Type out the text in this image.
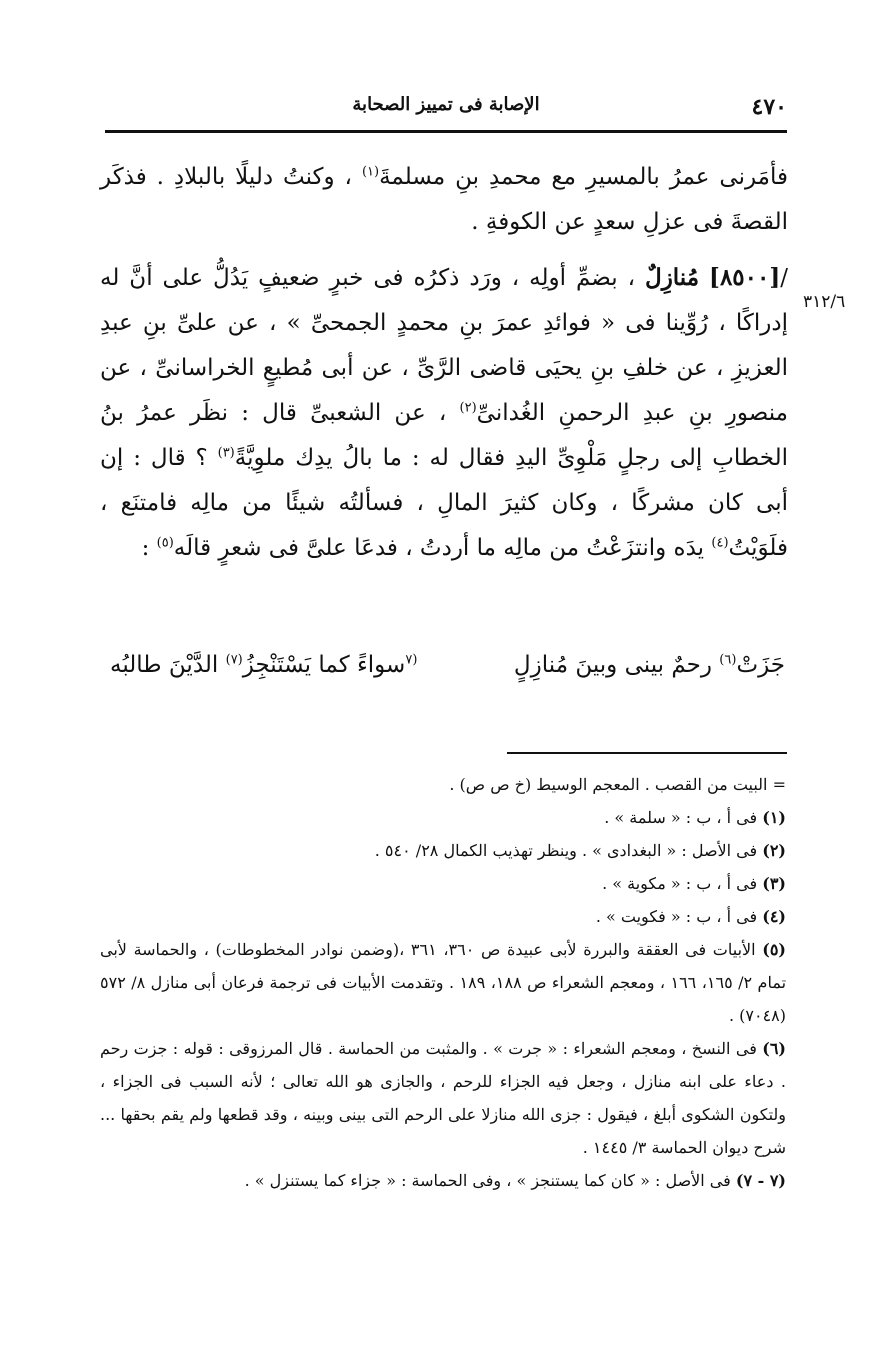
٤٧٠
الإصابة فى تمييز الصحابة
٣١٢/٦

فأمَرنى عمرُ بالمسيرِ مع محمدِ بنِ مسلمةَ$^{(١)}$ ، وكنتُ دليلًا بالبلادِ . فذكَر القصةَ فى عزلِ سعدٍ عن الكوفةِ .

/[٨٥٠٠] مُنازِلٌ ، بضمِّ أولِه ، ورَد ذكرُه فى خبرٍ ضعيفٍ يَدُلُّ على أنَّ له إدراكًا ، رُوِّينا فى « فوائدِ عمرَ بنِ محمدٍ الجمحىِّ » ، عن علىِّ بنِ عبدِ العزيزِ ، عن خلفِ بنِ يحيَى قاضى الرَّىِّ ، عن أبى مُطيعٍ الخراسانىِّ ، عن منصورِ بنِ عبدِ الرحمنِ الغُدانىِّ$^{(٢)}$ ، عن الشعبىِّ قال : نظَر عمرُ بنُ الخطابِ إلى رجلٍ مَلْوِىِّ اليدِ فقال له : ما بالُ يدِك ملوِيَّةً$^{(٣)}$ ؟ قال : إن أبى كان مشركًا ، وكان كثيرَ المالِ ، فسألتُه شيئًا من مالِه فامتنَع ، فلَوَيْتُ$^{(٤)}$ يدَه وانتزَعْتُ من مالِه ما أردتُ ، فدعَا علىَّ فى شعرٍ قالَه$^{(٥)}$ :

جَزَتْ$^{(٦)}$ رحمٌ بينى وبينَ مُنازِلٍ
$^{(٧}$سواءً كما يَسْتَنْجِزُ$^{(٧)}$ الدَّيْنَ طالبُه

= البيت من القصب . المعجم الوسيط (خ ص ص) .

(١) فى أ ، ب : « سلمة » .

(٢) فى الأصل : « البغدادى » . وينظر تهذيب الكمال ٢٨/ ٥٤٠ .

(٣) فى أ ، ب : « مكوية » .

(٤) فى أ ، ب : « فكويت » .

(٥) الأبيات فى العققة والبررة لأبى عبيدة ص ٣٦٠، ٣٦١ ،(وضمن نوادر المخطوطات) ، والحماسة لأبى تمام ٢/ ١٦٥، ١٦٦ ، ومعجم الشعراء ص ١٨٨، ١٨٩ . وتقدمت الأبيات فى ترجمة فرعان أبى منازل ٨/ ٥٧٢ (٧٠٤٨) .

(٦) فى النسخ ، ومعجم الشعراء : « جرت » . والمثبت من الحماسة . قال المرزوقى : قوله : جزت رحم . دعاء على ابنه منازل ، وجعل فيه الجزاء للرحم ، والجازى هو الله تعالى ؛ لأنه السبب فى الجزاء ، ولتكون الشكوى أبلغ ، فيقول : جزى الله منازلا على الرحم التى بينى وبينه ، وقد قطعها ولم يقم بحقها ... شرح ديوان الحماسة ٣/ ١٤٤٥ .

(٧ - ٧) فى الأصل : « كان كما يستنجز » ، وفى الحماسة : « جزاء كما يستنزل » .
